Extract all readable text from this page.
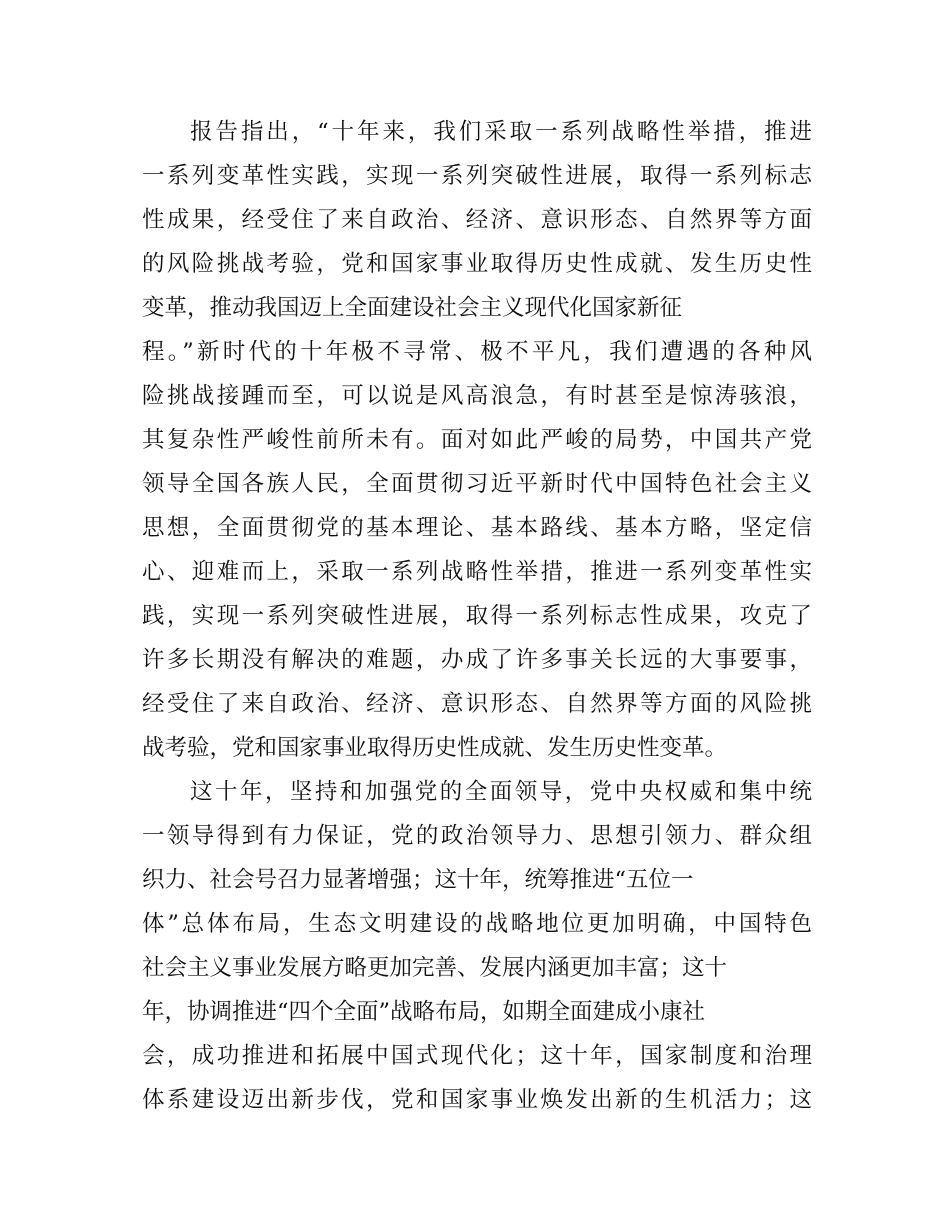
报告指出，“十年来，我们采取一系列战略性举措，推进
一系列变革性实践，实现一系列突破性进展，取得一系列标志
性成果，经受住了来自政治、经济、意识形态、自然界等方面
的风险挑战考验，党和国家事业取得历史性成就、发生历史性
变革，推动我国迈上全面建设社会主义现代化国家新征
程。”新时代的十年极不寻常、极不平凡，我们遭遇的各种风
险挑战接踵而至，可以说是风高浪急，有时甚至是惊涛骇浪，
其复杂性严峻性前所未有。面对如此严峻的局势，中国共产党
领导全国各族人民，全面贯彻习近平新时代中国特色社会主义
思想，全面贯彻党的基本理论、基本路线、基本方略，坚定信
心、迎难而上，采取一系列战略性举措，推进一系列变革性实
践，实现一系列突破性进展，取得一系列标志性成果，攻克了
许多长期没有解决的难题，办成了许多事关长远的大事要事，
经受住了来自政治、经济、意识形态、自然界等方面的风险挑
战考验，党和国家事业取得历史性成就、发生历史性变革。
这十年，坚持和加强党的全面领导，党中央权威和集中统
一领导得到有力保证，党的政治领导力、思想引领力、群众组
织力、社会号召力显著增强；这十年，统筹推进“五位一
体”总体布局，生态文明建设的战略地位更加明确，中国特色
社会主义事业发展方略更加完善、发展内涵更加丰富；这十
年，协调推进“四个全面”战略布局，如期全面建成小康社
会，成功推进和拓展中国式现代化；这十年，国家制度和治理
体系建设迈出新步伐，党和国家事业焕发出新的生机活力；这
